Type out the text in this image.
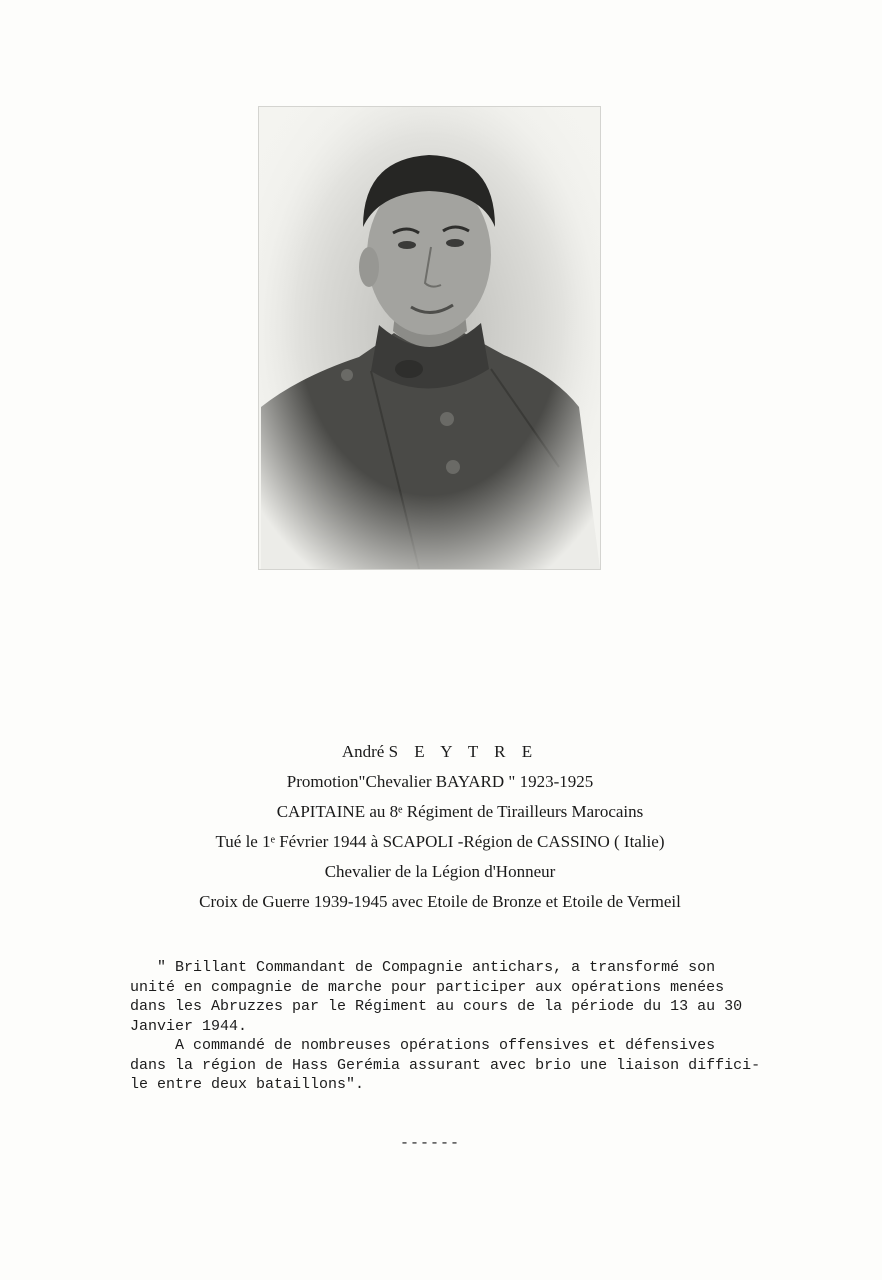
André S E Y T R E
Promotion"Chevalier BAYARD " 1923-1925
CAPITAINE au 8ᵉ Régiment de Tirailleurs Marocains
Tué le 1ᵉ Février 1944 à SCAPOLI -Région de CASSINO ( Italie)
Chevalier de la Légion d'Honneur
Croix de Guerre 1939-1945 avec Etoile de Bronze et Etoile de Vermeil
" Brillant Commandant de Compagnie antichars, a transformé son
unité en compagnie de marche pour participer aux opérations menées
dans les Abruzzes par le Régiment au cours de la période du 13 au 30
Janvier 1944.
A commandé de nombreuses opérations offensives et défensives
dans la région de Hass Gerémia assurant avec brio une liaison diffici-
le entre deux bataillons".
------
